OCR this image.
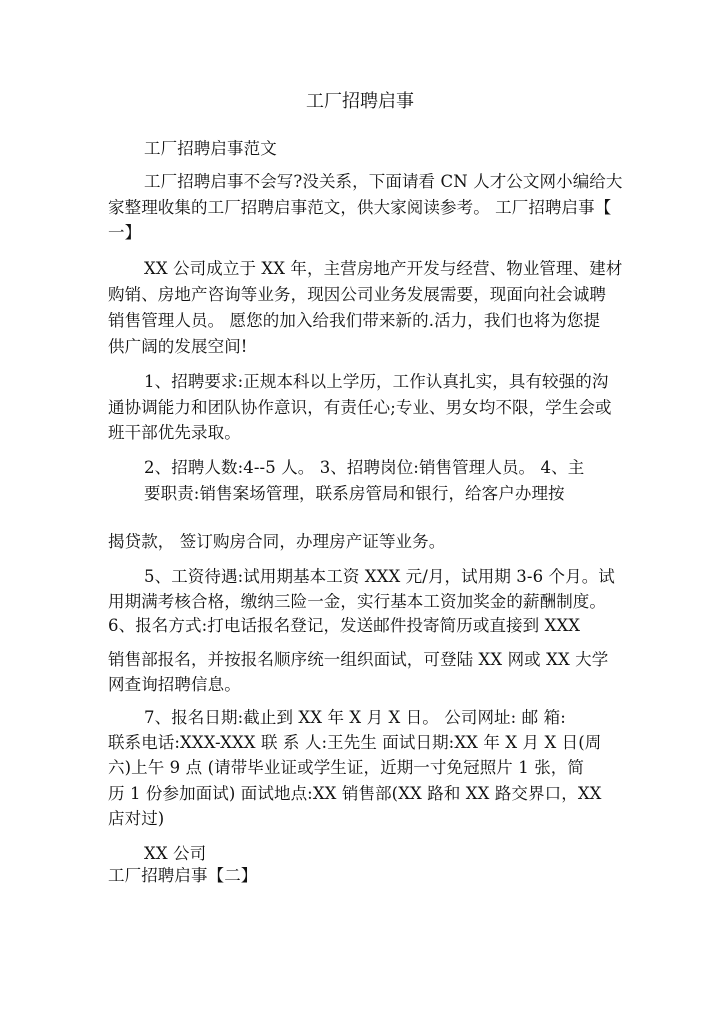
工厂招聘启事
工厂招聘启事范文
工厂招聘启事不会写?没关系，下面请看 CN 人才公文网小编给大
家整理收集的工厂招聘启事范文，供大家阅读参考。 工厂招聘启事【
一】
XX 公司成立于 XX 年，主营房地产开发与经营、物业管理、建材
购销、房地产咨询等业务，现因公司业务发展需要，现面向社会诚聘
销售管理人员。 愿您的加入给我们带来新的.活力，我们也将为您提
供广阔的发展空间!
1、招聘要求:正规本科以上学历，工作认真扎实，具有较强的沟
通协调能力和团队协作意识，有责任心;专业、男女均不限，学生会或
班干部优先录取。
2、招聘人数:4--5 人。 3、招聘岗位:销售管理人员。 4、主
要职责:销售案场管理，联系房管局和银行，给客户办理按
揭贷款， 签订购房合同，办理房产证等业务。
5、工资待遇:试用期基本工资 XXX 元/月，试用期 3-6 个月。试
用期满考核合格，缴纳三险一金，实行基本工资加奖金的薪酬制度。
6、报名方式:打电话报名登记，发送邮件投寄简历或直接到 XXX
销售部报名，并按报名顺序统一组织面试，可登陆 XX 网或 XX 大学
网查询招聘信息。
7、报名日期:截止到 XX 年 X 月 X 日。 公司网址: 邮 箱:
联系电话:XXX-XXX 联 系 人:王先生 面试日期:XX 年 X 月 X 日(周
六)上午 9 点 (请带毕业证或学生证，近期一寸免冠照片 1 张，简
历 1 份参加面试) 面试地点:XX 销售部(XX 路和 XX 路交界口，XX
店对过)
XX 公司
工厂招聘启事【二】
